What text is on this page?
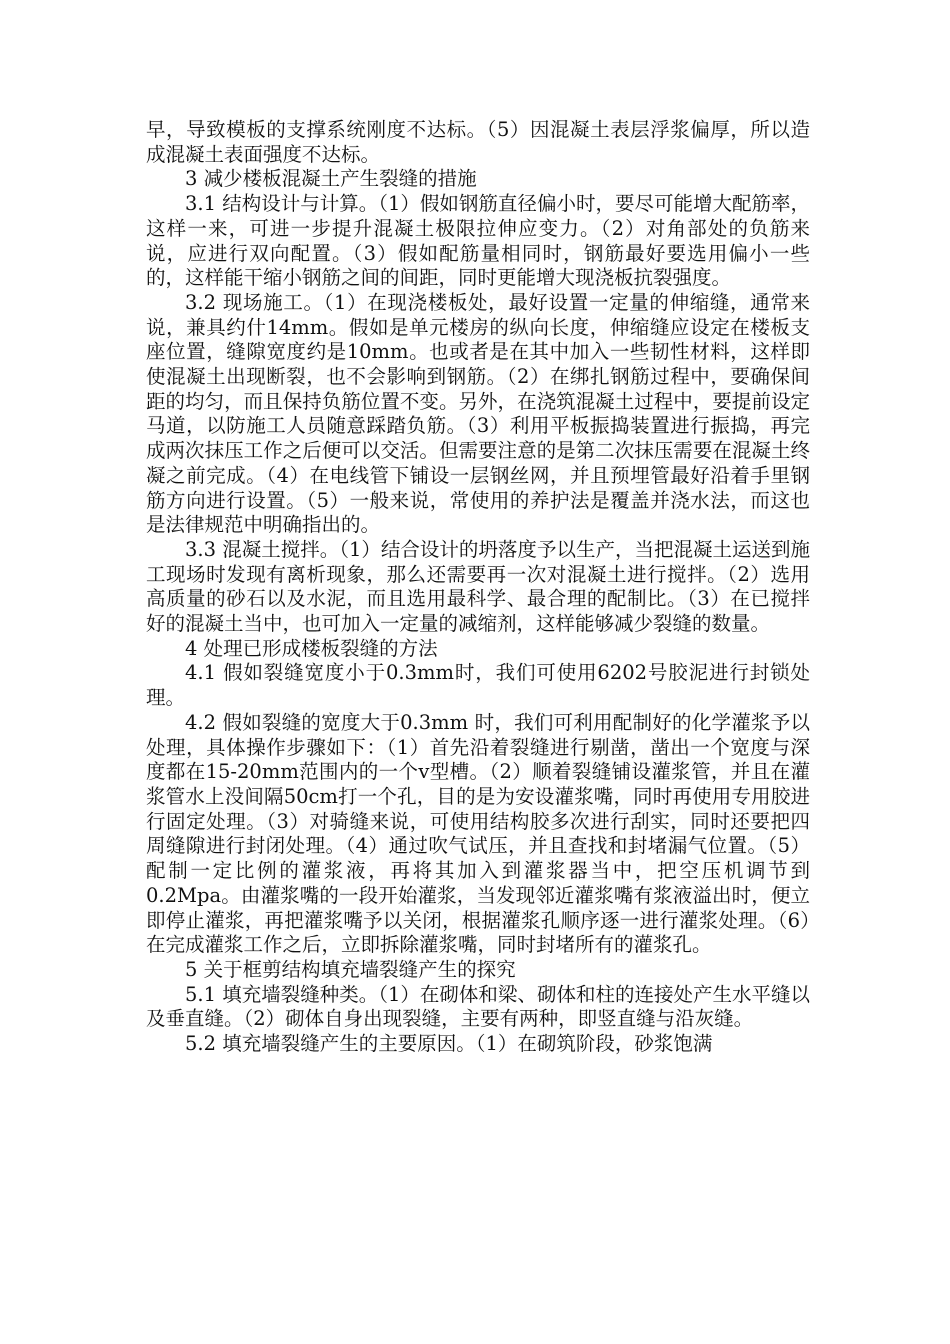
早，导致模板的支撑系统刚度不达标。（5）因混凝土表层浮浆偏厚，所以造成混凝土表面强度不达标。

3 减少楼板混凝土产生裂缝的措施

3.1 结构设计与计算。（1）假如钢筋直径偏小时，要尽可能增大配筋率，这样一来，可进一步提升混凝土极限拉伸应变力。（2）对角部处的负筋来说，应进行双向配置。（3）假如配筋量相同时，钢筋最好要选用偏小一些的，这样能干缩小钢筋之间的间距，同时更能增大现浇板抗裂强度。

3.2 现场施工。（1）在现浇楼板处，最好设置一定量的伸缩缝，通常来说，兼具约什14mm。假如是单元楼房的纵向长度，伸缩缝应设定在楼板支座位置，缝隙宽度约是10mm。也或者是在其中加入一些韧性材料，这样即使混凝土出现断裂，也不会影响到钢筋。（2）在绑扎钢筋过程中，要确保间距的均匀，而且保持负筋位置不变。另外，在浇筑混凝土过程中，要提前设定马道，以防施工人员随意踩踏负筋。（3）利用平板振捣装置进行振捣，再完成两次抹压工作之后便可以交活。但需要注意的是第二次抹压需要在混凝土终凝之前完成。（4）在电线管下铺设一层钢丝网，并且预埋管最好沿着手里钢筋方向进行设置。（5）一般来说，常使用的养护法是覆盖并浇水法，而这也是法律规范中明确指出的。

3.3 混凝土搅拌。（1）结合设计的坍落度予以生产，当把混凝土运送到施工现场时发现有离析现象，那么还需要再一次对混凝土进行搅拌。（2）选用高质量的砂石以及水泥，而且选用最科学、最合理的配制比。（3）在已搅拌好的混凝土当中，也可加入一定量的减缩剂，这样能够减少裂缝的数量。

4 处理已形成楼板裂缝的方法

4.1 假如裂缝宽度小于0.3mm时，我们可使用6202号胶泥进行封锁处理。

4.2 假如裂缝的宽度大于0.3mm 时，我们可利用配制好的化学灌浆予以处理，具体操作步骤如下：（1）首先沿着裂缝进行剔凿，凿出一个宽度与深度都在15-20mm范围内的一个v型槽。（2）顺着裂缝铺设灌浆管，并且在灌浆管水上没间隔50cm打一个孔，目的是为安设灌浆嘴，同时再使用专用胶进行固定处理。（3）对骑缝来说，可使用结构胶多次进行刮实，同时还要把四周缝隙进行封闭处理。（4）通过吹气试压，并且查找和封堵漏气位置。（5）配制一定比例的灌浆液，再将其加入到灌浆器当中，把空压机调节到0.2Mpa。由灌浆嘴的一段开始灌浆，当发现邻近灌浆嘴有浆液溢出时，便立即停止灌浆，再把灌浆嘴予以关闭，根据灌浆孔顺序逐一进行灌浆处理。（6）在完成灌浆工作之后，立即拆除灌浆嘴，同时封堵所有的灌浆孔。

5 关于框剪结构填充墙裂缝产生的探究

5.1 填充墙裂缝种类。（1）在砌体和梁、砌体和柱的连接处产生水平缝以及垂直缝。（2）砌体自身出现裂缝，主要有两种，即竖直缝与沿灰缝。

5.2 填充墙裂缝产生的主要原因。（1）在砌筑阶段，砂浆饱满
